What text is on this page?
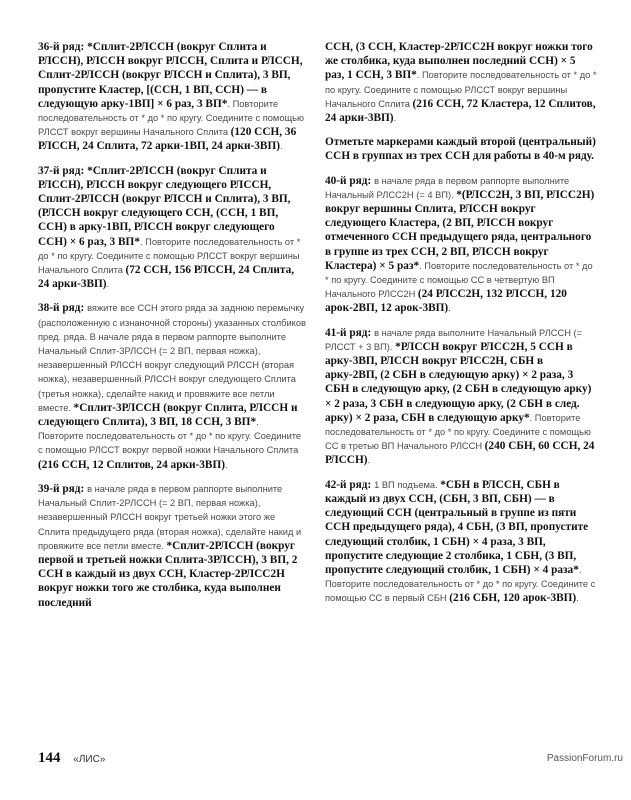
36-й ряд: *Сплит-2РЛССН (вокруг Сплита и РЛССН), РЛССН вокруг РЛССН, Сплита и РЛССН, Сплит-2РЛССН (вокруг РЛССН и Сплита), 3 ВП, пропустите Кластер, [(ССН, 1 ВП, ССН) — в следующую арку-1ВП] × 6 раз, 3 ВП*. Повторите последовательность от * до * по кругу. Соедините с помощью РЛССТ вокруг вершины Начального Сплита (120 ССН, 36 РЛССН, 24 Сплита, 72 арки-1ВП, 24 арки-3ВП).

37-й ряд: *Сплит-2РЛССН (вокруг Сплита и РЛССН), РЛССН вокруг следующего РЛССН, Сплит-2РЛССН (вокруг РЛССН и Сплита), 3 ВП, (РЛССН вокруг следующего ССН, (ССН, 1 ВП, ССН) в арку-1ВП, РЛССН вокруг следующего ССН) × 6 раз, 3 ВП*. Повторите последовательность от * до * по кругу. Соедините с помощью РЛССТ вокруг вершины Начального Сплита (72 ССН, 156 РЛССН, 24 Сплита, 24 арки-3ВП).

38-й ряд: вяжите все ССН этого ряда за заднюю перемычку (расположенную с изнаночной стороны) указанных столбиков пред. ряда. В начале ряда в первом раппорте выполните Начальный Сплит-3РЛССН (= 2 ВП, первая ножка), незавершенный РЛССН вокруг следующий РЛССН (вторая ножка), незавершенный РЛССН вокруг следующего Сплита (третья ножка), сделайте накид и провяжите все петли вместе. *Сплит-3РЛССН (вокруг Сплита, РЛССН и следующего Сплита), 3 ВП, 18 ССН, 3 ВП*. Повторите последовательность от * до * по кругу. Соедините с помощью РЛССТ вокруг первой ножки Начального Сплита (216 ССН, 12 Сплитов, 24 арки-3ВП).

39-й ряд: в начале ряда в первом раппорте выполните Начальный Сплит-2РЛССН (= 2 ВП, первая ножка), незавершенный РЛССН вокруг третьей ножки этого же Сплита предыдущего ряда (вторая ножка), сделайте накид и провяжите все петли вместе. *Сплит-2РЛССН (вокруг первой и третьей ножки Сплита-3РЛССН), 3 ВП, 2 ССН в каждый из двух ССН, Кластер-2РЛСС2Н вокруг ножки того же столбика, куда выполнен последний

ССН, (3 ССН, Кластер-2РЛСС2Н вокруг ножки того же столбика, куда выполнен последний ССН) × 5 раз, 1 ССН, 3 ВП*. Повторите последовательность от * до * по кругу. Соедините с помощью РЛССТ вокруг вершины Начального Сплита (216 ССН, 72 Кластера, 12 Сплитов, 24 арки-3ВП).

Отметьте маркерами каждый второй (центральный) ССН в группах из трех ССН для работы в 40-м ряду.

40-й ряд: в начале ряда в первом раппорте выполните Начальный РЛСС2Н (= 4 ВП). *(РЛСС2Н, 3 ВП, РЛСС2Н) вокруг вершины Сплита, РЛССН вокруг следующего Кластера, (2 ВП, РЛССН вокруг отмеченного ССН предыдущего ряда, центрального в группе из трех ССН, 2 ВП, РЛССН вокруг Кластера) × 5 раз*. Повторите последовательность от * до * по кругу. Соедините с помощью СС в четвертую ВП Начального РЛСС2Н (24 РЛСС2Н, 132 РЛССН, 120 арок-2ВП, 12 арок-3ВП).

41-й ряд: в начале ряда выполните Начальный РЛССН (= РЛССТ + 3 ВП). *РЛССН вокруг РЛСС2Н, 5 ССН в арку-3ВП, РЛССН вокруг РЛСС2Н, СБН в арку-2ВП, (2 СБН в следующую арку) × 2 раза, 3 СБН в следующую арку, (2 СБН в следующую арку) × 2 раза, 3 СБН в следующую арку, (2 СБН в след. арку) × 2 раза, СБН в следующую арку*. Повторите последовательность от * до * по кругу. Соедините с помощью СС в третью ВП Начального РЛССН (240 СБН, 60 ССН, 24 РЛССН).

42-й ряд: 1 ВП подъема. *СБН в РЛССН, СБН в каждый из двух ССН, (СБН, 3 ВП, СБН) — в следующий ССН (центральный в группе из пяти ССН предыдущего ряда), 4 СБН, (3 ВП, пропустите следующий столбик, 1 СБН) × 4 раза, 3 ВП, пропустите следующие 2 столбика, 1 СБН, (3 ВП, пропустите следующий столбик, 1 СБН) × 4 раза*. Повторите последовательность от * до * по кругу. Соедините с помощью СС в первый СБН (216 СБН, 120 арок-3ВП).

144 «ЛИС»	PassionForum.ru
